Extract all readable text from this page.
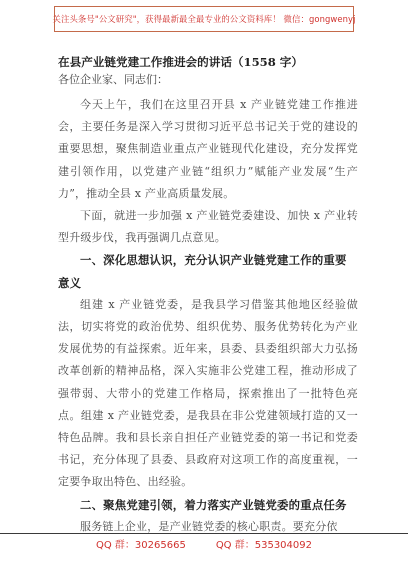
关注头条号"公文研究"，获得最新最全最专业的公文资料库！ 微信：gongwenyj

在县产业链党建工作推进会的讲话（1558 字）

各位企业家、同志们：

今天上午，我们在这里召开县 x 产业链党建工作推进会，主要任务是深入学习贯彻习近平总书记关于党的建设的重要思想，聚焦制造业重点产业链现代化建设，充分发挥党建引领作用，以党建产业链“组织力”赋能产业发展“生产力”，推动全县 x 产业高质量发展。

下面，就进一步加强 x 产业链党委建设、加快 x 产业转型升级步伐，我再强调几点意见。

一、深化思想认识，充分认识产业链党建工作的重要意义

组建 x 产业链党委，是我县学习借鉴其他地区经验做法，切实将党的政治优势、组织优势、服务优势转化为产业发展优势的有益探索。近年来，县委、县委组织部大力弘扬改革创新的精神品格，深入实施非公党建工程，推动形成了强带弱、大带小的党建工作格局，探索推出了一批特色亮点。组建 x 产业链党委，是我县在非公党建领域打造的又一特色品牌。我和县长亲自担任产业链党委的第一书记和党委书记，充分体现了县委、县政府对这项工作的高度重视，一定要争取出特色、出经验。

二、聚焦党建引领，着力落实产业链党委的重点任务

服务链上企业，是产业链党委的核心职责。要充分依

QQ 群：30265665	QQ 群：535304092
